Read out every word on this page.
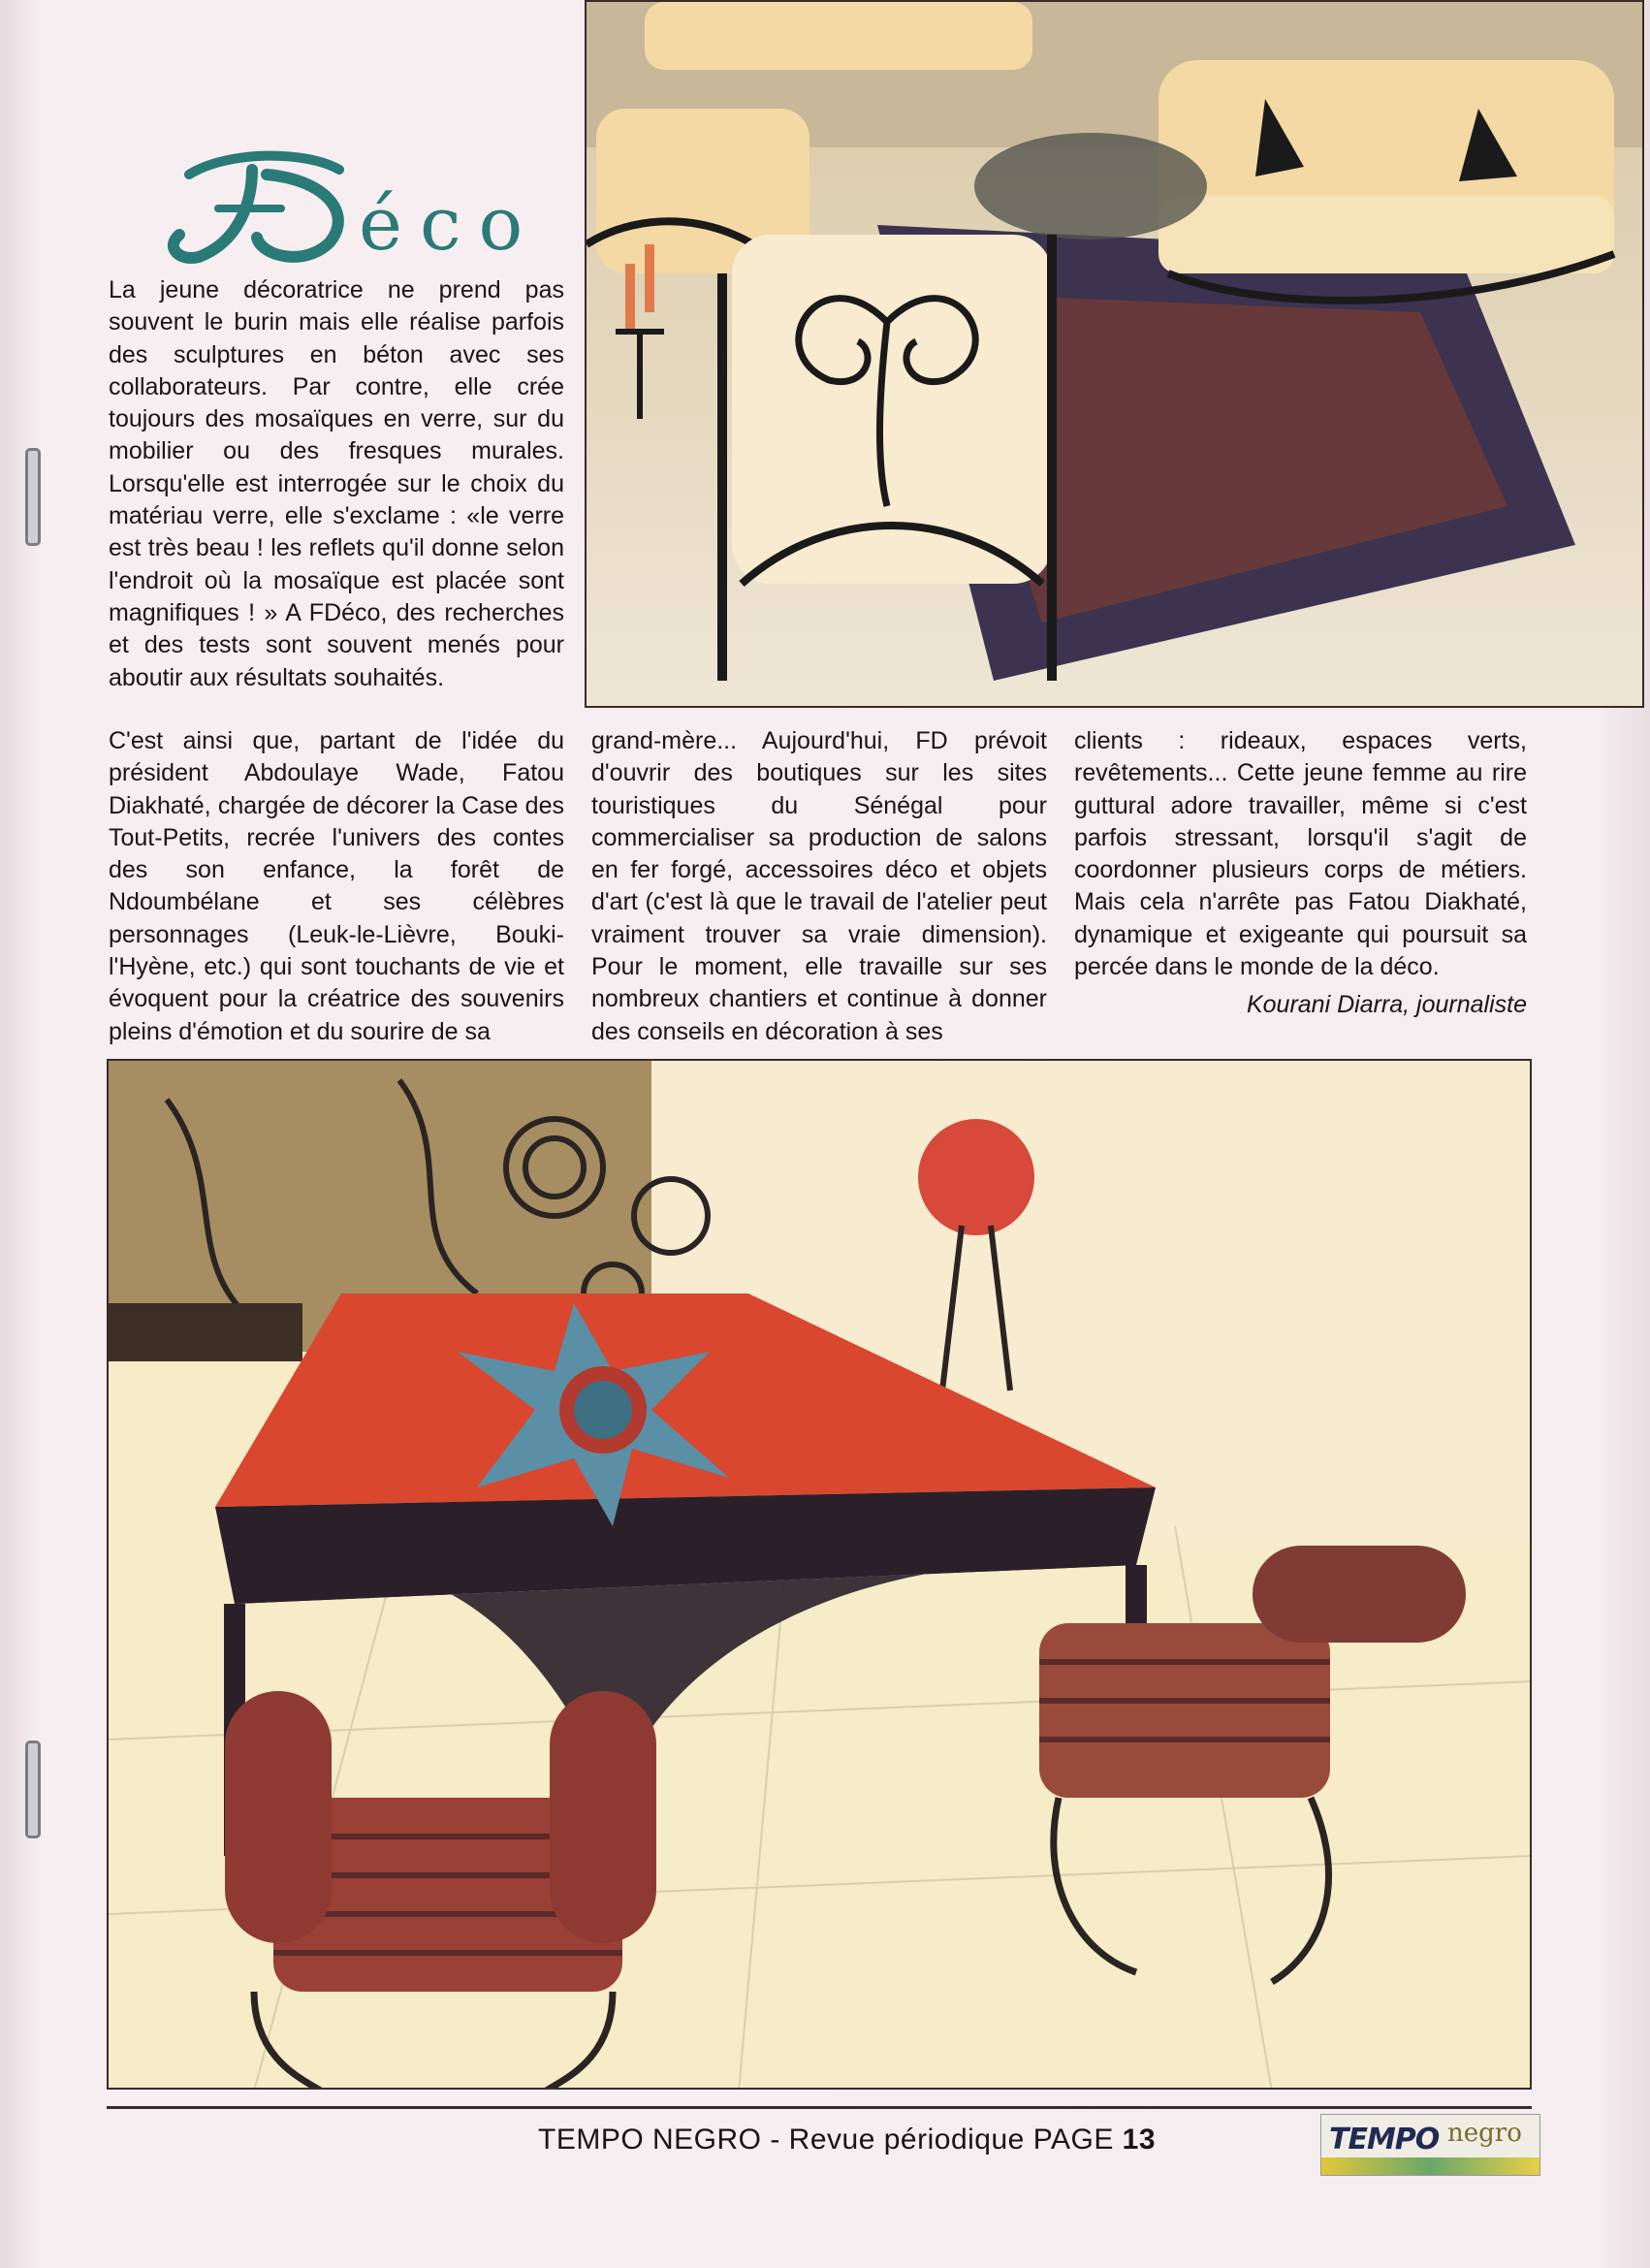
éco

La jeune décoratrice ne prend pas souvent le burin mais elle réalise parfois des sculptures en béton avec ses collaborateurs. Par contre, elle crée toujours des mosaïques en verre, sur du mobilier ou des fresques murales. Lorsqu'elle est interrogée sur le choix du matériau verre, elle s'exclame : «le verre est très beau ! les reflets qu'il donne selon l'endroit où la mosaïque est placée sont magnifiques ! » A FDéco, des recherches et des tests sont souvent menés pour aboutir aux résultats souhaités.

C'est ainsi que, partant de l'idée du président Abdoulaye Wade, Fatou Diakhaté, chargée de décorer la Case des Tout-Petits, recrée l'univers des contes des son enfance, la forêt de Ndoumbélane et ses célèbres personnages (Leuk-le-Lièvre, Bouki-l'Hyène, etc.) qui sont touchants de vie et évoquent pour la créatrice des souvenirs pleins d'émotion et du sourire de sa

grand-mère... Aujourd'hui, FD prévoit d'ouvrir des boutiques sur les sites touristiques du Sénégal pour commercialiser sa production de salons en fer forgé, accessoires déco et objets d'art (c'est là que le travail de l'atelier peut vraiment trouver sa vraie dimension). Pour le moment, elle travaille sur ses nombreux chantiers et continue à donner des conseils en décoration à ses

clients : rideaux, espaces verts, revêtements... Cette jeune femme au rire guttural adore travailler, même si c'est parfois stressant, lorsqu'il s'agit de coordonner plusieurs corps de métiers. Mais cela n'arrête pas Fatou Diakhaté, dynamique et exigeante qui poursuit sa percée dans le monde de la déco.

Kourani Diarra, journaliste

TEMPO NEGRO - Revue périodique PAGE 13	TEMPO negro
